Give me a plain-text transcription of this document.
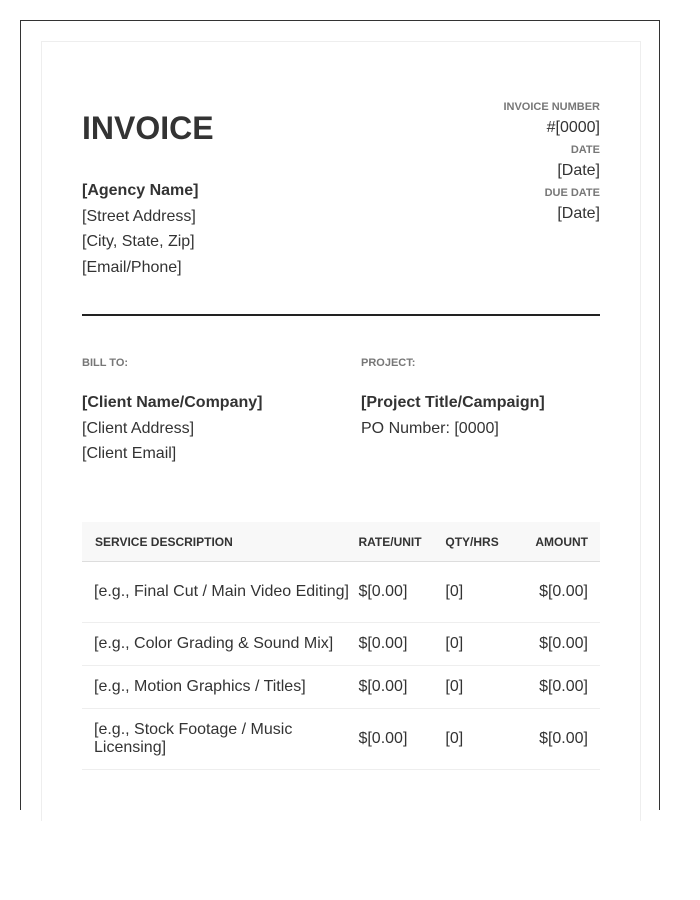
INVOICE
[Agency Name]
[Street Address]
[City, State, Zip]
[Email/Phone]
INVOICE NUMBER
#[0000]
DATE
[Date]
DUE DATE
[Date]
BILL TO:	PROJECT:
[Client Name/Company]
[Client Address]
[Client Email]
[Project Title/Campaign]
PO Number: [0000]
SERVICE DESCRIPTION	RATE/UNIT	QTY/HRS	AMOUNT
[e.g., Final Cut / Main Video Editing]	$[0.00]	[0]	$[0.00]
[e.g., Color Grading & Sound Mix]	$[0.00]	[0]	$[0.00]
[e.g., Motion Graphics / Titles]	$[0.00]	[0]	$[0.00]
[e.g., Stock Footage / Music Licensing]	$[0.00]	[0]	$[0.00]
